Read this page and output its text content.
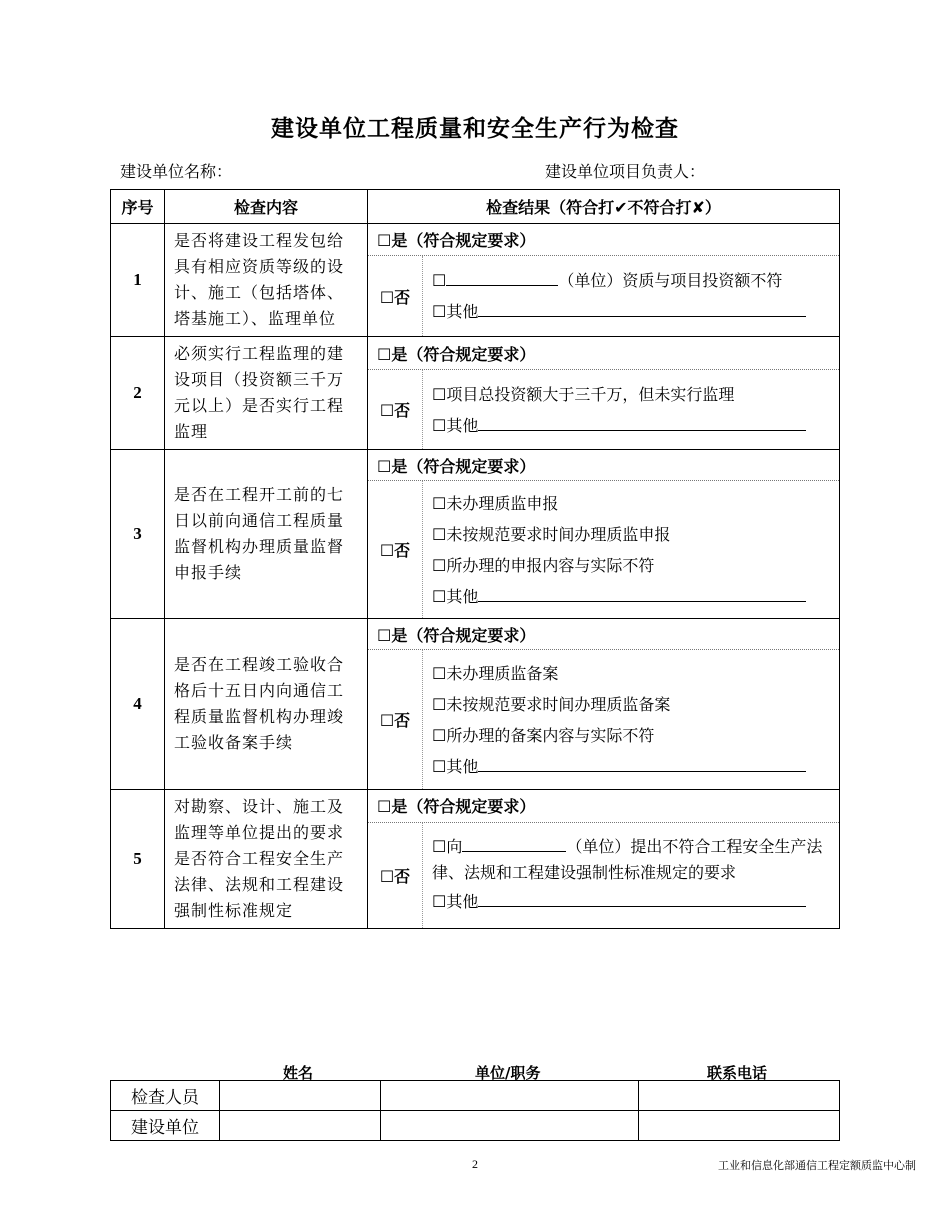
建设单位工程质量和安全生产行为检查
建设单位名称：	建设单位项目负责人：
序号	检查内容	检查结果（符合打✔不符合打✘）	
1	是否将建设工程发包给具有相应资质等级的设计、施工（包括塔体、塔基施工）、监理单位	☐是（符合规定要求）	
		☐否	☐ （单位）资质与项目投资额不符
☐其他

2	必须实行工程监理的建设项目（投资额三千万元以上）是否实行工程监理	☐是（符合规定要求）	
		☐否	☐项目总投资额大于三千万，但未实行监理
☐其他

3	是否在工程开工前的七日以前向通信工程质量监督机构办理质量监督申报手续	☐是（符合规定要求）	
		☐否	☐未办理质监申报
☐未按规范要求时间办理质监申报
☐所办理的申报内容与实际不符
☐其他

4	是否在工程竣工验收合格后十五日内向通信工程质量监督机构办理竣工验收备案手续	☐是（符合规定要求）	
		☐否	☐未办理质监备案
☐未按规范要求时间办理质监备案
☐所办理的备案内容与实际不符
☐其他

5	对勘察、设计、施工及监理等单位提出的要求是否符合工程安全生产法律、法规和工程建设强制性标准规定	☐是（符合规定要求）	
		☐否	☐向 （单位）提出不符合工程安全生产法律、法规和工程建设强制性标准规定的要求
☐其他
姓名	单位/职务	联系电话
检查人员			
建设单位			
2	工业和信息化部通信工程定额质监中心制
